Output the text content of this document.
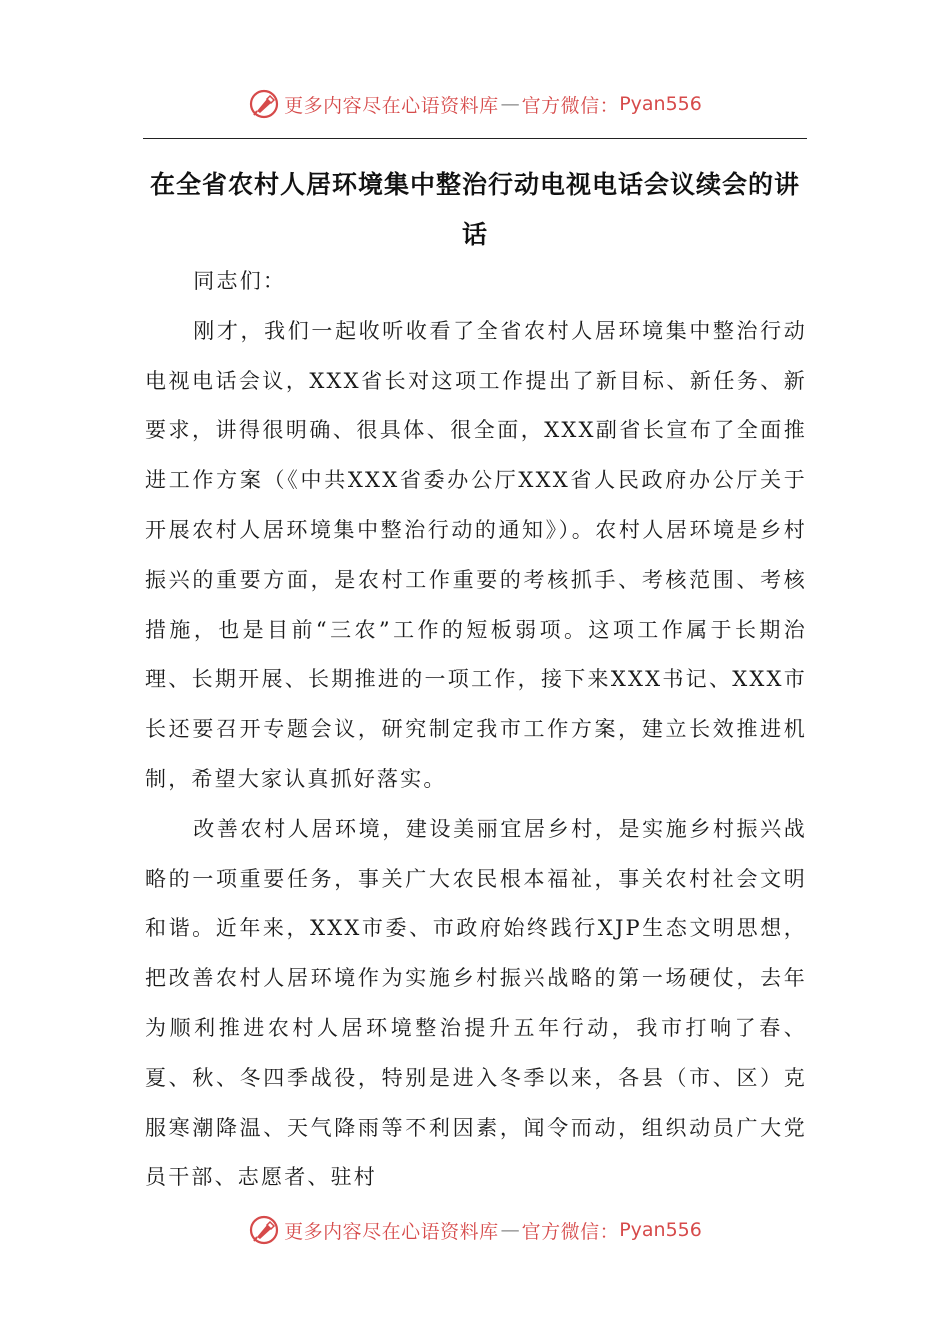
更多内容尽在心语资料库 — 官方微信： Pyan556
在全省农村人居环境集中整治行动电视电话会议续会的讲话

同志们：

刚才，我们一起收听收看了全省农村人居环境集中整治行动电视电话会议，XXX省长对这项工作提出了新目标、新任务、新要求，讲得很明确、很具体、很全面，XXX副省长宣布了全面推进工作方案（《中共XXX省委办公厅XXX省人民政府办公厅关于开展农村人居环境集中整治行动的通知》）。农村人居环境是乡村振兴的重要方面，是农村工作重要的考核抓手、考核范围、考核措施，也是目前“三农”工作的短板弱项。这项工作属于长期治理、长期开展、长期推进的一项工作，接下来XXX书记、XXX市长还要召开专题会议，研究制定我市工作方案，建立长效推进机制，希望大家认真抓好落实。

改善农村人居环境，建设美丽宜居乡村，是实施乡村振兴战略的一项重要任务，事关广大农民根本福祉，事关农村社会文明和谐。近年来，XXX市委、市政府始终践行XJP生态文明思想，把改善农村人居环境作为实施乡村振兴战略的第一场硬仗，去年为顺利推进农村人居环境整治提升五年行动，我市打响了春、夏、秋、冬四季战役，特别是进入冬季以来，各县（市、区）克服寒潮降温、天气降雨等不利因素，闻令而动，组织动员广大党员干部、志愿者、驻村

更多内容尽在心语资料库 — 官方微信： Pyan556
